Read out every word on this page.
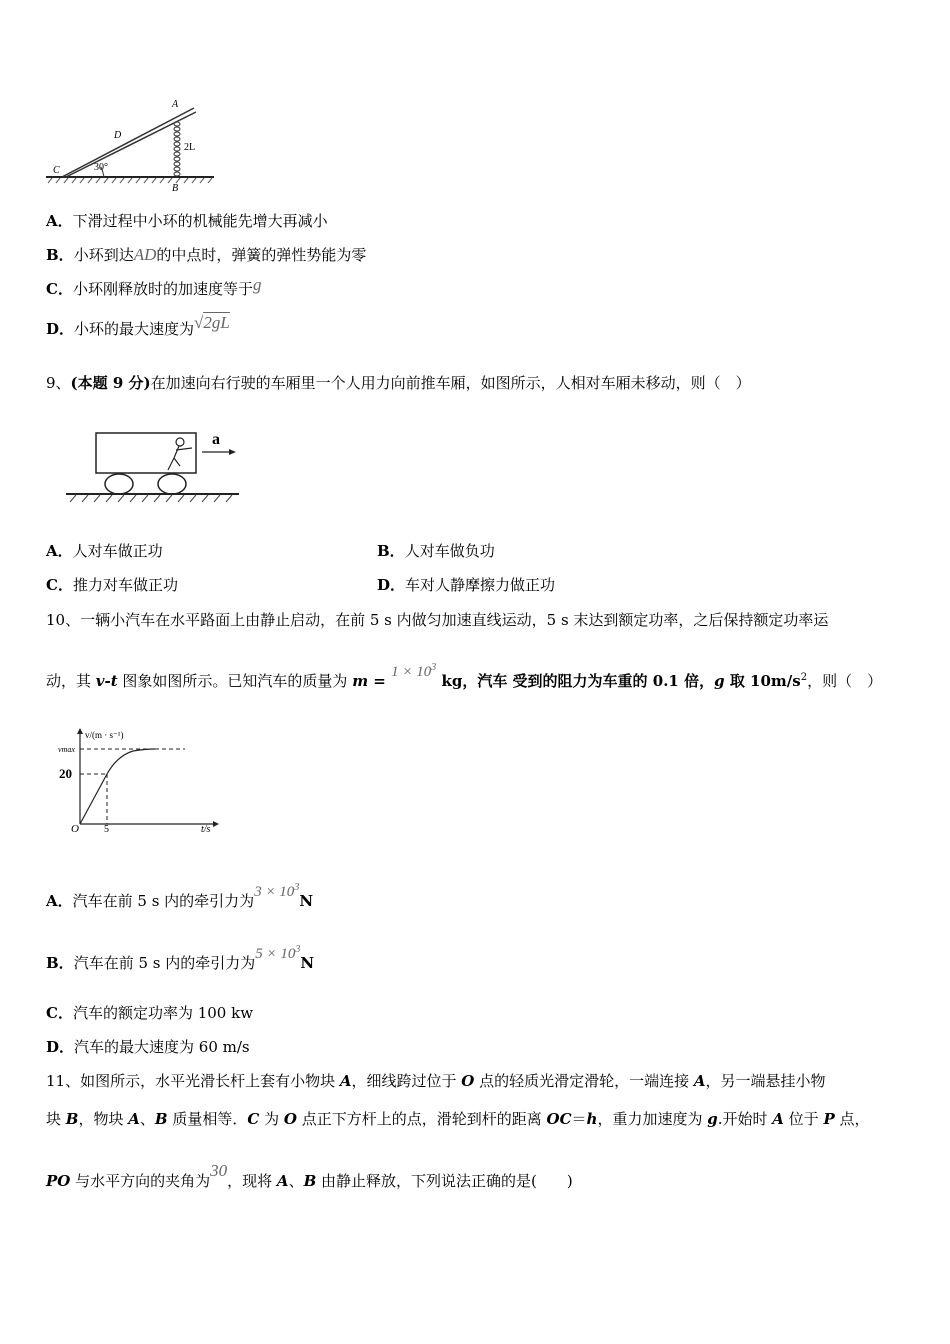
A
B
C
D
2L
30°
A．下滑过程中小环的机械能先增大再减小
B．小环到达AD的中点时，弹簧的弹性势能为零
C．小环刚释放时的加速度等于g
D．小环的最大速度为√2gL
9、(本题 9 分)在加速向右行驶的车厢里一个人用力向前推车厢，如图所示，人相对车厢未移动，则（　）
a
A．人对车做正功	B．人对车做负功
C．推力对车做正功	D．车对人静摩擦力做正功
10、一辆小汽车在水平路面上由静止启动，在前 5 s 内做匀加速直线运动，5 s 末达到额定功率，之后保持额定功率运
动，其 v-t 图象如图所示。已知汽车的质量为 $m = 1 \times 10^3$ kg，汽车 受到的阻力为车重的 0.1 倍，g 取 $10m/s^2$，则（　）
v/(m · s⁻¹)
vmax
20
O	5	t/s
A．汽车在前 5 s 内的牵引力为$3 \times 10^3N$
B．汽车在前 5 s 内的牵引力为$5 \times 10^3N$
C．汽车的额定功率为 100 kw
D．汽车的最大速度为 60 m/s
11、如图所示，水平光滑长杆上套有小物块 A，细线跨过位于 O 点的轻质光滑定滑轮，一端连接 A，另一端悬挂小物
块 B，物块 A、B 质量相等．C 为 O 点正下方杆上的点，滑轮到杆的距离 OC＝h，重力加速度为 g.开始时 A 位于 P 点，
PO 与水平方向的夹角为30，现将 A、B 由静止释放，下列说法正确的是(　　)
